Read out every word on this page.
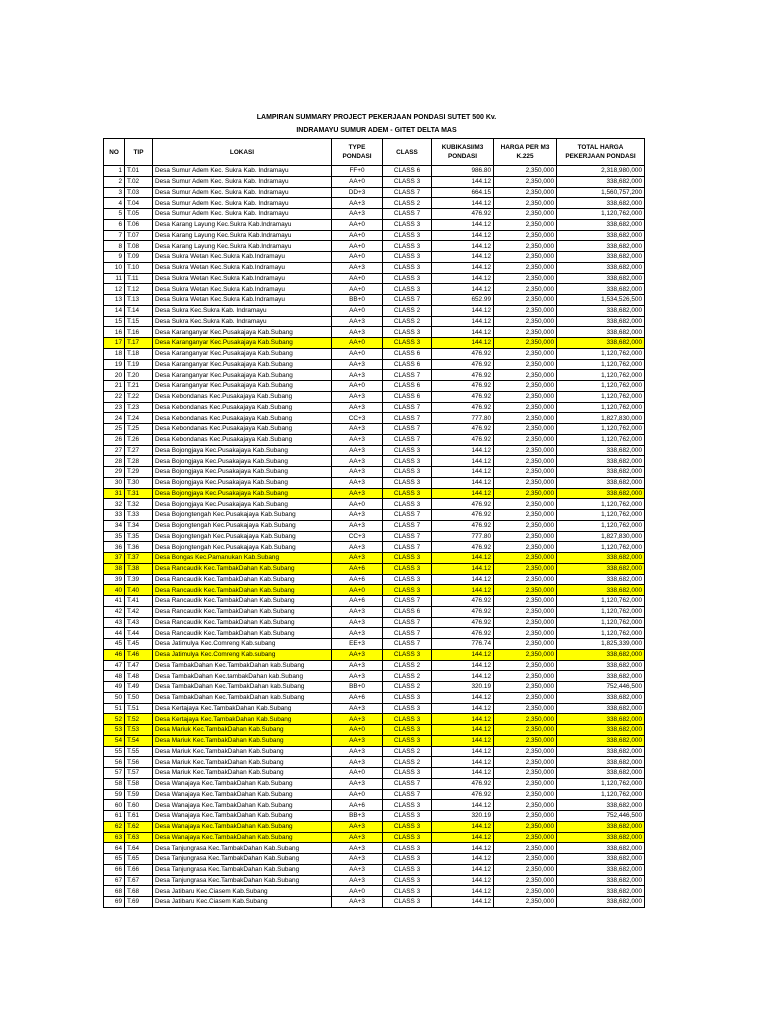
LAMPIRAN SUMMARY PROJECT PEKERJAAN PONDASI SUTET 500 Kv.
INDRAMAYU SUMUR ADEM - GITET DELTA MAS
NO	TIP	LOKASI	TYPE PONDASI	CLASS	KUBIKASI/M3 PONDASI	HARGA PER M3 K.225	TOTAL HARGA PEKERJAAN PONDASI
1	T.01	Desa Sumur Adem Kec. Sukra Kab. Indramayu	FF+0	CLASS 6	986.80	2,350,000	2,318,980,000
2	T.02	Desa Sumur Adem Kec. Sukra Kab. Indramayu	AA+0	CLASS 3	144.12	2,350,000	338,682,000
3	T.03	Desa Sumur Adem Kec. Sukra Kab. Indramayu	DD+3	CLASS 7	664.15	2,350,000	1,560,757,200
4	T.04	Desa Sumur Adem Kec. Sukra Kab. Indramayu	AA+3	CLASS 2	144.12	2,350,000	338,682,000
5	T.05	Desa Sumur Adem Kec. Sukra Kab. Indramayu	AA+3	CLASS 7	476.92	2,350,000	1,120,762,000
6	T.06	Desa Karang Layung Kec.Sukra Kab.Indramayu	AA+0	CLASS 3	144.12	2,350,000	338,682,000
7	T.07	Desa Karang Layung Kec.Sukra Kab.Indramayu	AA+0	CLASS 3	144.12	2,350,000	338,682,000
8	T.08	Desa Karang Layung Kec.Sukra Kab.Indramayu	AA+0	CLASS 3	144.12	2,350,000	338,682,000
9	T.09	Desa Sukra Wetan Kec.Sukra Kab.Indramayu	AA+0	CLASS 3	144.12	2,350,000	338,682,000
10	T.10	Desa Sukra Wetan Kec.Sukra Kab.Indramayu	AA+3	CLASS 3	144.12	2,350,000	338,682,000
11	T.11	Desa Sukra Wetan Kec.Sukra Kab.Indramayu	AA+0	CLASS 3	144.12	2,350,000	338,682,000
12	T.12	Desa Sukra Wetan Kec.Sukra Kab.Indramayu	AA+0	CLASS 3	144.12	2,350,000	338,682,000
13	T.13	Desa Sukra Wetan Kec.Sukra Kab.Indramayu	BB+0	CLASS 7	652.99	2,350,000	1,534,526,500
14	T.14	Desa Sukra Kec.Sukra Kab. Indramayu	AA+0	CLASS 2	144.12	2,350,000	338,682,000
15	T.15	Desa Sukra Kec.Sukra Kab. Indramayu	AA+3	CLASS 2	144.12	2,350,000	338,682,000
16	T.16	Desa Karanganyar Kec.Pusakajaya Kab.Subang	AA+3	CLASS 3	144.12	2,350,000	338,682,000
17	T.17	Desa Karanganyar Kec.Pusakajaya Kab.Subang	AA+0	CLASS 3	144.12	2,350,000	338,682,000
18	T.18	Desa Karanganyar Kec.Pusakajaya Kab.Subang	AA+0	CLASS 6	476.92	2,350,000	1,120,762,000
19	T.19	Desa Karanganyar Kec.Pusakajaya Kab.Subang	AA+3	CLASS 6	476.92	2,350,000	1,120,762,000
20	T.20	Desa Karanganyar Kec.Pusakajaya Kab.Subang	AA+3	CLASS 7	476.92	2,350,000	1,120,762,000
21	T.21	Desa Karanganyar Kec.Pusakajaya Kab.Subang	AA+0	CLASS 6	476.92	2,350,000	1,120,762,000
22	T.22	Desa Kebondanas Kec.Pusakajaya Kab.Subang	AA+3	CLASS 6	476.92	2,350,000	1,120,762,000
23	T.23	Desa Kebondanas Kec.Pusakajaya Kab.Subang	AA+3	CLASS 7	476.92	2,350,000	1,120,762,000
24	T.24	Desa Kebondanas Kec.Pusakajaya Kab.Subang	CC+3	CLASS 7	777.80	2,350,000	1,827,830,000
25	T.25	Desa Kebondanas Kec.Pusakajaya Kab.Subang	AA+3	CLASS 7	476.92	2,350,000	1,120,762,000
26	T.26	Desa Kebondanas Kec.Pusakajaya Kab.Subang	AA+3	CLASS 7	476.92	2,350,000	1,120,762,000
27	T.27	Desa Bojongjaya Kec.Pusakajaya Kab.Subang	AA+3	CLASS 3	144.12	2,350,000	338,682,000
28	T.28	Desa Bojongjaya Kec.Pusakajaya Kab.Subang	AA+3	CLASS 3	144.12	2,350,000	338,682,000
29	T.29	Desa Bojongjaya Kec.Pusakajaya Kab.Subang	AA+3	CLASS 3	144.12	2,350,000	338,682,000
30	T.30	Desa Bojongjaya Kec.Pusakajaya Kab.Subang	AA+3	CLASS 3	144.12	2,350,000	338,682,000
31	T.31	Desa Bojongjaya Kec.Pusakajaya Kab.Subang	AA+3	CLASS 3	144.12	2,350,000	338,682,000
32	T.32	Desa Bojongjaya Kec.Pusakajaya Kab.Subang	AA+0	CLASS 3	476.92	2,350,000	1,120,762,000
33	T.33	Desa Bojongtengah Kec.Pusakajaya Kab.Subang	AA+3	CLASS 7	476.92	2,350,000	1,120,762,000
34	T.34	Desa Bojongtengah Kec.Pusakajaya Kab.Subang	AA+3	CLASS 7	476.92	2,350,000	1,120,762,000
35	T.35	Desa Bojongtengah Kec.Pusakajaya Kab.Subang	CC+3	CLASS 7	777.80	2,350,000	1,827,830,000
36	T.36	Desa Bojongtengah Kec.Pusakajaya Kab.Subang	AA+3	CLASS 7	476.92	2,350,000	1,120,762,000
37	T.37	Desa Bongas Kec.Pamanukan Kab.Subang	AA+3	CLASS 3	144.12	2,350,000	338,682,000
38	T.38	Desa Rancaudik Kec.TambakDahan Kab.Subang	AA+6	CLASS 3	144.12	2,350,000	338,682,000
39	T.39	Desa Rancaudik Kec.TambakDahan Kab.Subang	AA+6	CLASS 3	144.12	2,350,000	338,682,000
40	T.40	Desa Rancaudik Kec.TambakDahan Kab.Subang	AA+0	CLASS 3	144.12	2,350,000	338,682,000
41	T.41	Desa Rancaudik Kec.TambakDahan Kab.Subang	AA+6	CLASS 7	476.92	2,350,000	1,120,762,000
42	T.42	Desa Rancaudik Kec.TambakDahan Kab.Subang	AA+3	CLASS 6	476.92	2,350,000	1,120,762,000
43	T.43	Desa Rancaudik Kec.TambakDahan Kab.Subang	AA+3	CLASS 7	476.92	2,350,000	1,120,762,000
44	T.44	Desa Rancaudik Kec.TambakDahan Kab.Subang	AA+3	CLASS 7	476.92	2,350,000	1,120,762,000
45	T.45	Desa Jatimulya Kec.Comreng Kab.subang	EE+3	CLASS 7	776.74	2,350,000	1,825,339,000
46	T.46	Desa Jatimulya Kec.Comreng Kab.subang	AA+3	CLASS 3	144.12	2,350,000	338,682,000
47	T.47	Desa TambakDahan Kec.TambakDahan kab.Subang	AA+3	CLASS 2	144.12	2,350,000	338,682,000
48	T.48	Desa TambakDahan Kec.tambakDahan kab.Subang	AA+3	CLASS 2	144.12	2,350,000	338,682,000
49	T.49	Desa TambakDahan Kec.TambakDahan kab.Subang	BB+0	CLASS 2	320.19	2,350,000	752,446,500
50	T.50	Desa TambakDahan Kec.TambakDahan kab.Subang	AA+6	CLASS 3	144.12	2,350,000	338,682,000
51	T.51	Desa Kertajaya Kec.TambakDahan Kab.Subang	AA+3	CLASS 3	144.12	2,350,000	338,682,000
52	T.52	Desa Kertajaya Kec.TambakDahan Kab.Subang	AA+3	CLASS 3	144.12	2,350,000	338,682,000
53	T.53	Desa Mariuk Kec.TambakDahan Kab.Subang	AA+0	CLASS 3	144.12	2,350,000	338,682,000
54	T.54	Desa Mariuk Kec.TambakDahan Kab.Subang	AA+3	CLASS 3	144.12	2,350,000	338,682,000
55	T.55	Desa Mariuk Kec.TambakDahan Kab.Subang	AA+3	CLASS 2	144.12	2,350,000	338,682,000
56	T.56	Desa Mariuk Kec.TambakDahan Kab.Subang	AA+3	CLASS 2	144.12	2,350,000	338,682,000
57	T.57	Desa Mariuk Kec.TambakDahan Kab.Subang	AA+0	CLASS 3	144.12	2,350,000	338,682,000
58	T.58	Desa Wanajaya Kec.TambakDahan Kab.Subang	AA+3	CLASS 7	476.92	2,350,000	1,120,762,000
59	T.59	Desa Wanajaya Kec.TambakDahan Kab.Subang	AA+0	CLASS 7	476.92	2,350,000	1,120,762,000
60	T.60	Desa Wanajaya Kec.TambakDahan Kab.Subang	AA+6	CLASS 3	144.12	2,350,000	338,682,000
61	T.61	Desa Wanajaya Kec.TambakDahan Kab.Subang	BB+3	CLASS 3	320.19	2,350,000	752,446,500
62	T.62	Desa Wanajaya Kec.TambakDahan Kab.Subang	AA+3	CLASS 3	144.12	2,350,000	338,682,000
63	T.63	Desa Wanajaya Kec.TambakDahan Kab.Subang	AA+3	CLASS 3	144.12	2,350,000	338,682,000
64	T.64	Desa Tanjungrasa Kec.TambakDahan Kab.Subang	AA+3	CLASS 3	144.12	2,350,000	338,682,000
65	T.65	Desa Tanjungrasa Kec.TambakDahan Kab.Subang	AA+3	CLASS 3	144.12	2,350,000	338,682,000
66	T.66	Desa Tanjungrasa Kec.TambakDahan Kab.Subang	AA+3	CLASS 3	144.12	2,350,000	338,682,000
67	T.67	Desa Tanjungrasa Kec.TambakDahan Kab.Subang	AA+3	CLASS 3	144.12	2,350,000	338,682,000
68	T.68	Desa Jatibaru Kec.Ciasem Kab.Subang	AA+0	CLASS 3	144.12	2,350,000	338,682,000
69	T.69	Desa Jatibaru Kec.Ciasem Kab.Subang	AA+3	CLASS 3	144.12	2,350,000	338,682,000
